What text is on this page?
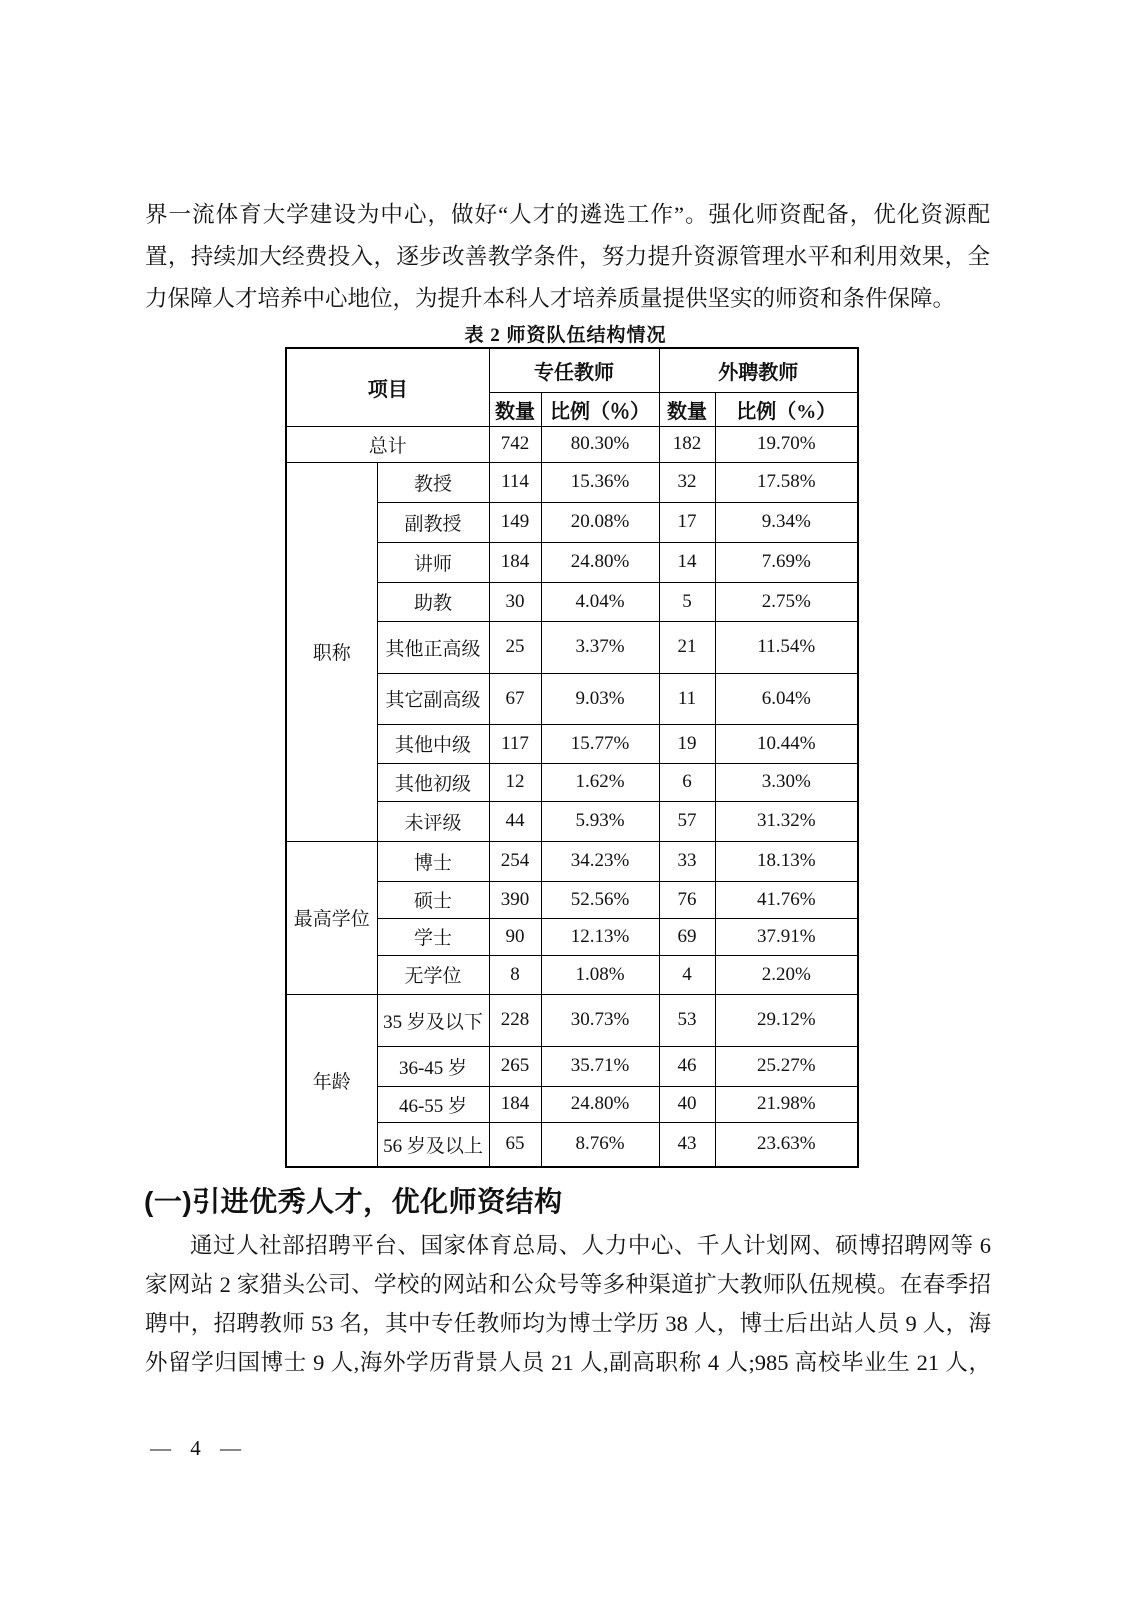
界一流体育大学建设为中心，做好“人才的遴选工作”。强化师资配备，优化资源配
置，持续加大经费投入，逐步改善教学条件，努力提升资源管理水平和利用效果，全
力保障人才培养中心地位，为提升本科人才培养质量提供坚实的师资和条件保障。
表 2 师资队伍结构情况
项目		专任教师		外聘教师	
		数量	比例（％）	数量	比例（%）
总计		742	80.30%	182	19.70%
职称	教授	114	15.36%	32	17.58%
	副教授	149	20.08%	17	9.34%
	讲师	184	24.80%	14	7.69%
	助教	30	4.04%	5	2.75%
	其他正高级	25	3.37%	21	11.54%
	其它副高级	67	9.03%	11	6.04%
	其他中级	117	15.77%	19	10.44%
	其他初级	12	1.62%	6	3.30%
	未评级	44	5.93%	57	31.32%
最高学位	博士	254	34.23%	33	18.13%
	硕士	390	52.56%	76	41.76%
	学士	90	12.13%	69	37.91%
	无学位	8	1.08%	4	2.20%
年龄	35 岁及以下	228	30.73%	53	29.12%
	36-45 岁	265	35.71%	46	25.27%
	46-55 岁	184	24.80%	40	21.98%
	56 岁及以上	65	8.76%	43	23.63%
(一)引进优秀人才，优化师资结构
通过人社部招聘平台、国家体育总局、人力中心、千人计划网、硕博招聘网等 6
家网站 2 家猎头公司、学校的网站和公众号等多种渠道扩大教师队伍规模。在春季招
聘中，招聘教师 53 名，其中专任教师均为博士学历 38 人，博士后出站人员 9 人，海
外留学归国博士 9 人,海外学历背景人员 21 人,副高职称 4 人;985 高校毕业生 21 人，
— 4 —
